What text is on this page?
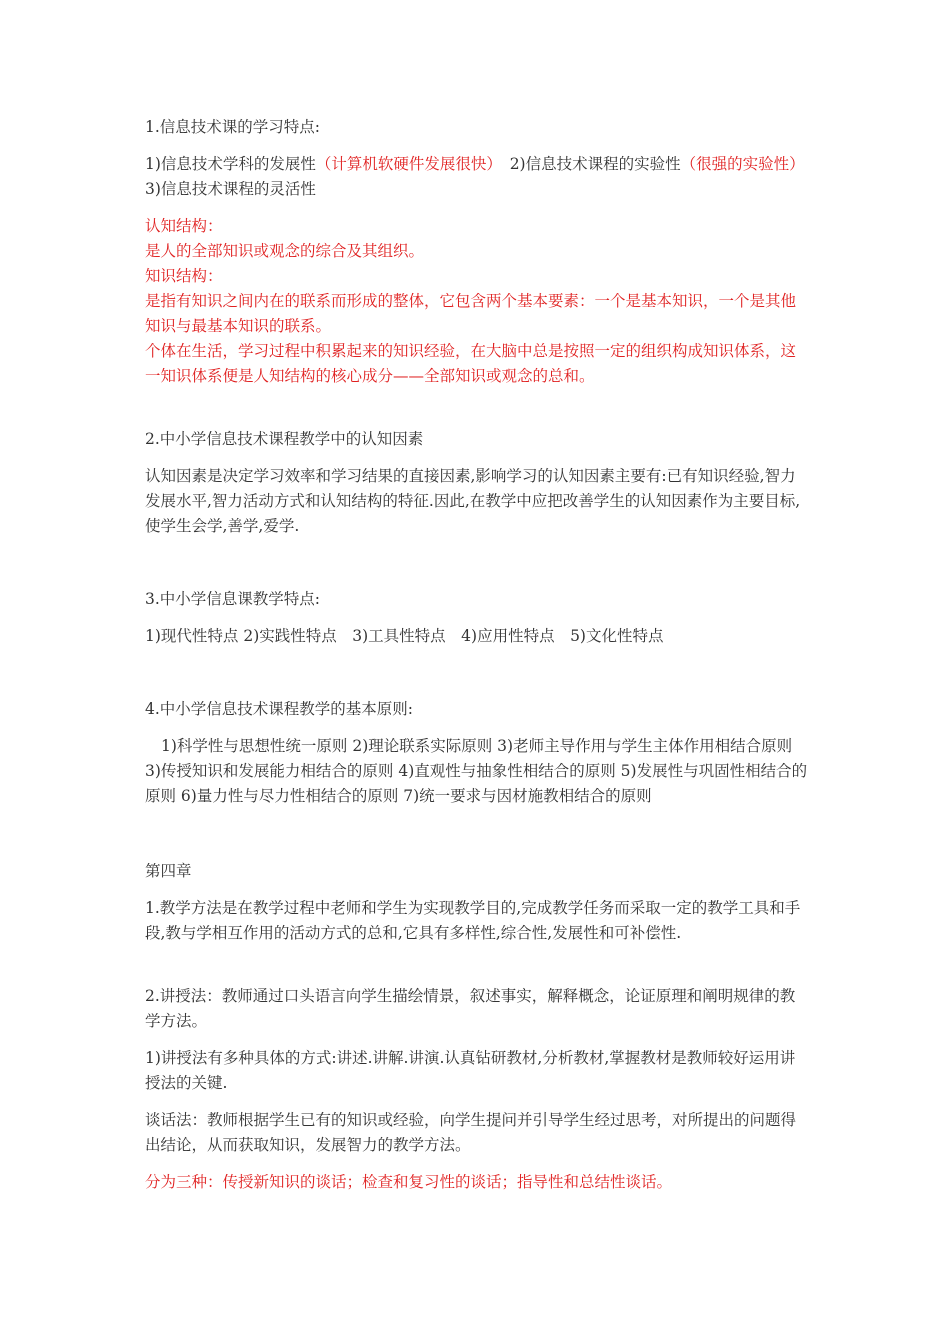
1.信息技术课的学习特点:

1)信息技术学科的发展性（计算机软硬件发展很快）　2)信息技术课程的实验性（很强的实验性）　3)信息技术课程的灵活性

认知结构：

是人的全部知识或观念的综合及其组织。

知识结构：

是指有知识之间内在的联系而形成的整体，它包含两个基本要素：一个是基本知识，一个是其他知识与最基本知识的联系。

个体在生活，学习过程中积累起来的知识经验，在大脑中总是按照一定的组织构成知识体系，这一知识体系便是人知结构的核心成分——全部知识或观念的总和。

2.中小学信息技术课程教学中的认知因素

认知因素是决定学习效率和学习结果的直接因素,影响学习的认知因素主要有:已有知识经验,智力发展水平,智力活动方式和认知结构的特征.因此,在教学中应把改善学生的认知因素作为主要目标,使学生会学,善学,爱学.

3.中小学信息课教学特点:

1)现代性特点 2)实践性特点　3)工具性特点　4)应用性特点　5)文化性特点

4.中小学信息技术课程教学的基本原则:

1)科学性与思想性统一原则 2)理论联系实际原则 3)老师主导作用与学生主体作用相结合原则 3)传授知识和发展能力相结合的原则 4)直观性与抽象性相结合的原则 5)发展性与巩固性相结合的原则 6)量力性与尽力性相结合的原则 7)统一要求与因材施教相结合的原则

第四章

1.教学方法是在教学过程中老师和学生为实现教学目的,完成教学任务而采取一定的教学工具和手段,教与学相互作用的活动方式的总和,它具有多样性,综合性,发展性和可补偿性.

2.讲授法：教师通过口头语言向学生描绘情景，叙述事实，解释概念，论证原理和阐明规律的教学方法。

1)讲授法有多种具体的方式:讲述.讲解.讲演.认真钻研教材,分析教材,掌握教材是教师较好运用讲授法的关键.

谈话法：教师根据学生已有的知识或经验，向学生提问并引导学生经过思考，对所提出的问题得出结论，从而获取知识，发展智力的教学方法。

分为三种：传授新知识的谈话；检查和复习性的谈话；指导性和总结性谈话。
